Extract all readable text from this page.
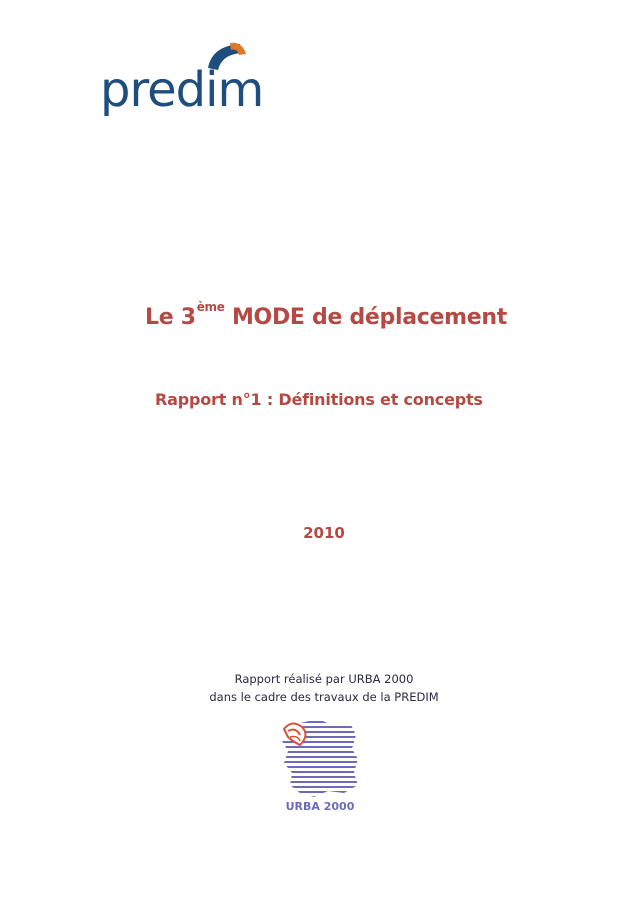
predim
Le 3ème MODE de déplacement
Rapport n°1 : Définitions et concepts
2010
Rapport réalisé par URBA 2000
dans le cadre des travaux de la PREDIM
URBA 2000
